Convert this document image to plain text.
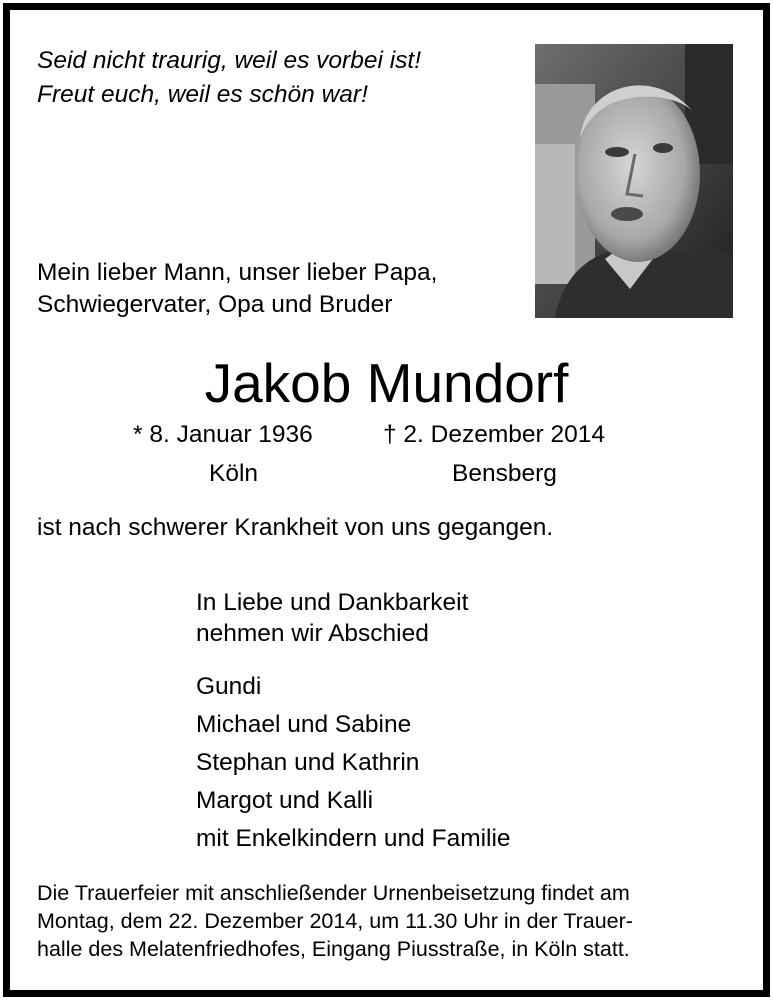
Seid nicht traurig, weil es vorbei ist!
Freut euch, weil es schön war!
Mein lieber Mann, unser lieber Papa,
Schwiegervater, Opa und Bruder
Jakob Mundorf
* 8. Januar 1936	† 2. Dezember 2014
Köln	Bensberg
ist nach schwerer Krankheit von uns gegangen.
In Liebe und Dankbarkeit
nehmen wir Abschied
Gundi
Michael und Sabine
Stephan und Kathrin
Margot und Kalli
mit Enkelkindern und Familie
Die Trauerfeier mit anschließender Urnenbeisetzung findet am
Montag, dem 22. Dezember 2014, um 11.30 Uhr in der Trauer-
halle des Melatenfriedhofes, Eingang Piusstraße, in Köln statt.
